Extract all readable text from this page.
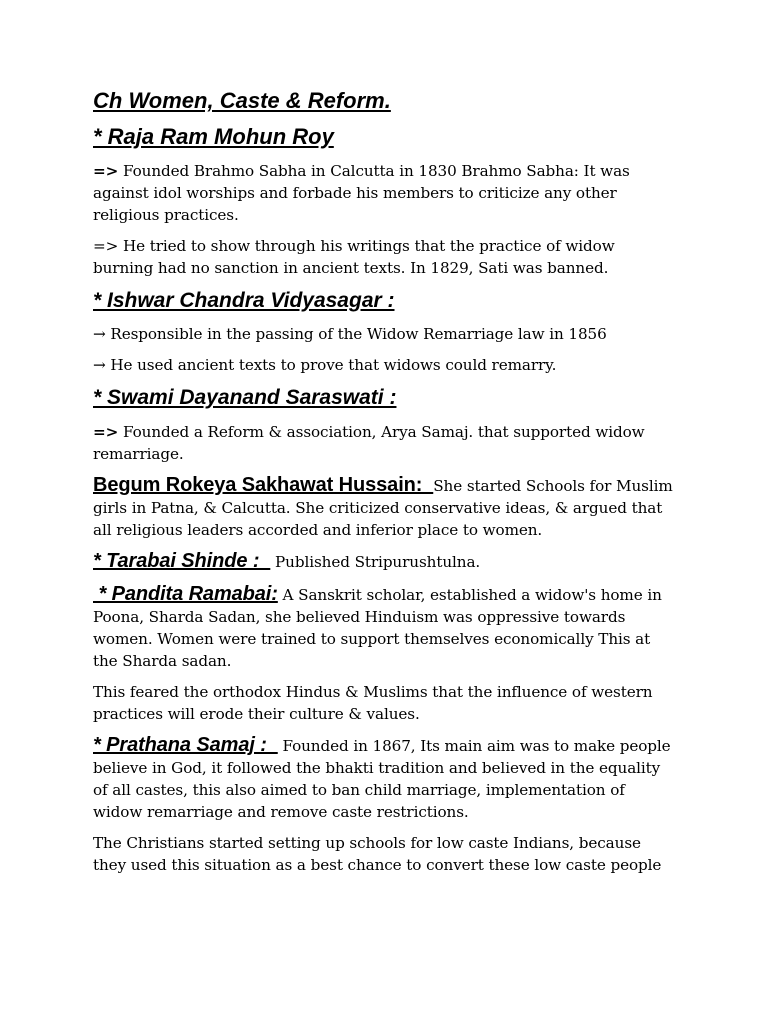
Ch Women, Caste & Reform.
* Raja Ram Mohun Roy

=> Founded Brahmo Sabha in Calcutta in 1830 Brahmo Sabha: It was against idol worships and forbade his members to criticize any other religious practices.

=> He tried to show through his writings that the practice of widow burning had no sanction in ancient texts. In 1829, Sati was banned.

* Ishwar Chandra Vidyasagar :

→ Responsible in the passing of the Widow Remarriage law in 1856

→ He used ancient texts to prove that widows could remarry.

* Swami Dayanand Saraswati :

=> Founded a Reform & association, Arya Samaj. that supported widow remarriage.

Begum Rokeya Sakhawat Hussain:  She started Schools for Muslim girls in Patna, & Calcutta. She criticized conservative ideas, & argued that all religious leaders accorded and inferior place to women.

* Tarabai Shinde :   Published Stripurushtulna.

* Pandita Ramabai: A Sanskrit scholar, established a widow's home in Poona, Sharda Sadan, she believed Hinduism was oppressive towards women. Women were trained to support themselves economically This at the Sharda sadan.

This feared the orthodox Hindus & Muslims that the influence of western practices will erode their culture & values.

* Prathana Samaj :   Founded in 1867, Its main aim was to make people believe in God, it followed the bhakti tradition and believed in the equality of all castes, this also aimed to ban child marriage, implementation of widow remarriage and remove caste restrictions.

The Christians started setting up schools for low caste Indians, because they used this situation as a best chance to convert these low caste people
